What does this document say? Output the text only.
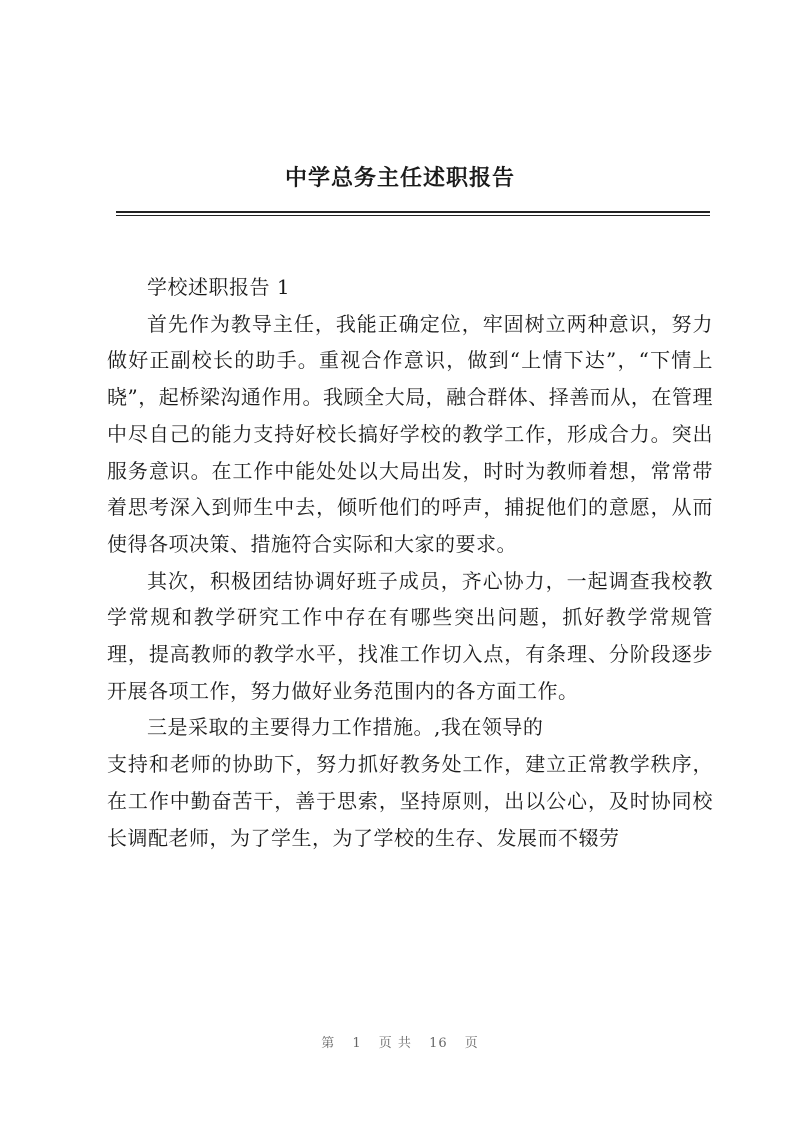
中学总务主任述职报告

学校述职报告 1

首先作为教导主任，我能正确定位，牢固树立两种意识，努力做好正副校长的助手。重视合作意识，做到“上情下达”，“下情上晓”，起桥梁沟通作用。我顾全大局，融合群体、择善而从，在管理中尽自己的能力支持好校长搞好学校的教学工作，形成合力。突出服务意识。在工作中能处处以大局出发，时时为教师着想，常常带着思考深入到师生中去，倾听他们的呼声，捕捉他们的意愿，从而使得各项决策、措施符合实际和大家的要求。

其次，积极团结协调好班子成员，齐心协力，一起调查我校教学常规和教学研究工作中存在有哪些突出问题，抓好教学常规管理，提高教师的教学水平，找准工作切入点，有条理、分阶段逐步开展各项工作，努力做好业务范围内的各方面工作。

三是采取的主要得力工作措施。,我在领导的

支持和老师的协助下，努力抓好教务处工作，建立正常教学秩序，在工作中勤奋苦干，善于思索，坚持原则，出以公心，及时协同校长调配老师，为了学生，为了学校的生存、发展而不辍劳

第 1 页 共 16 页
